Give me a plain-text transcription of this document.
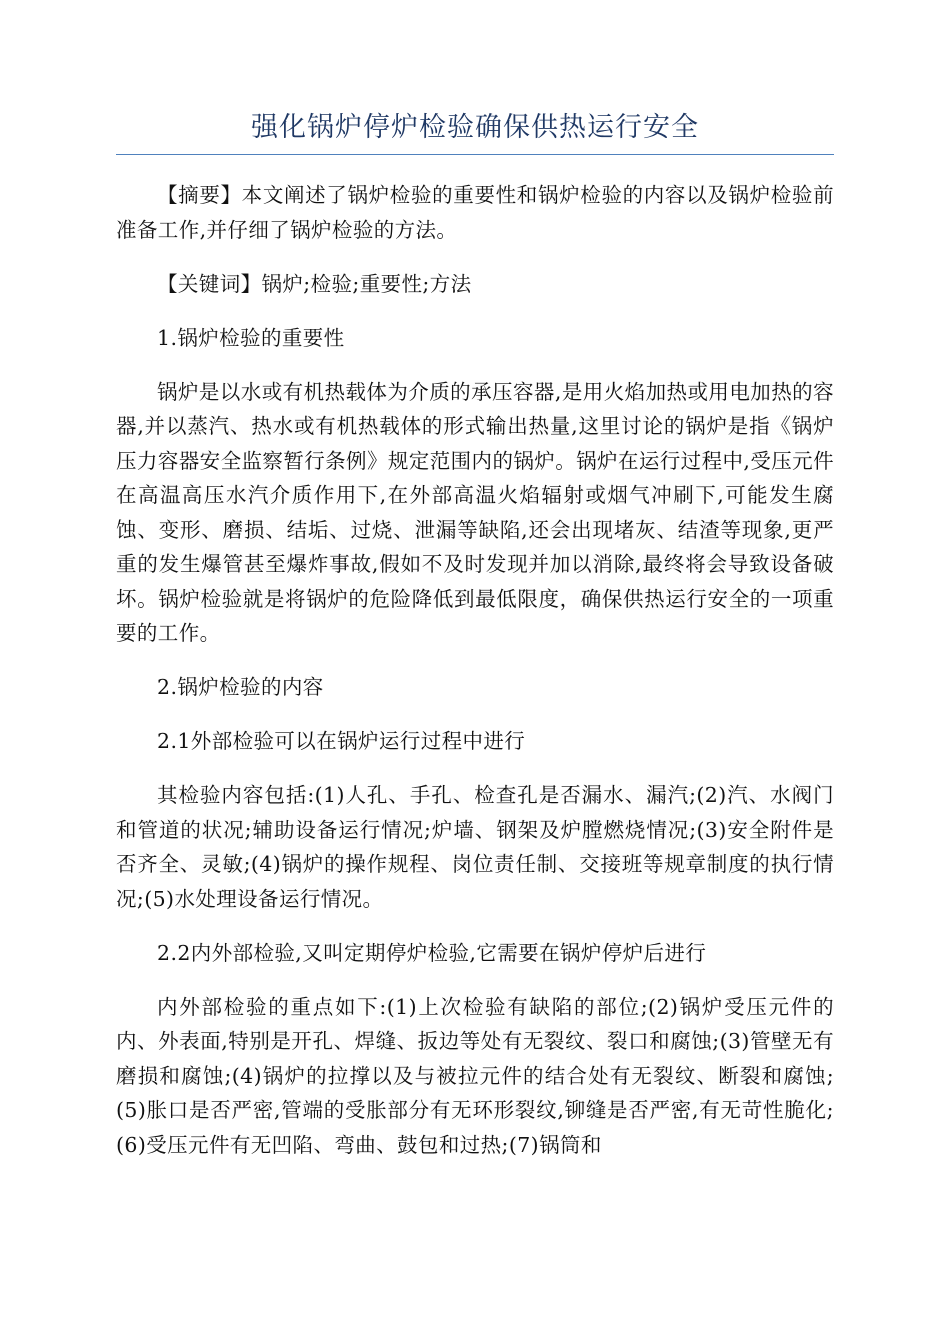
强化锅炉停炉检验确保供热运行安全

【摘要】本文阐述了锅炉检验的重要性和锅炉检验的内容以及锅炉检验前准备工作,并仔细了锅炉检验的方法。

【关键词】锅炉;检验;重要性;方法

1.锅炉检验的重要性

锅炉是以水或有机热载体为介质的承压容器,是用火焰加热或用电加热的容器,并以蒸汽、热水或有机热载体的形式输出热量,这里讨论的锅炉是指《锅炉压力容器安全监察暂行条例》规定范围内的锅炉。锅炉在运行过程中,受压元件在高温高压水汽介质作用下,在外部高温火焰辐射或烟气冲刷下,可能发生腐蚀、变形、磨损、结垢、过烧、泄漏等缺陷,还会出现堵灰、结渣等现象,更严重的发生爆管甚至爆炸事故,假如不及时发现并加以消除,最终将会导致设备破坏。锅炉检验就是将锅炉的危险降低到最低限度，确保供热运行安全的一项重要的工作。

2.锅炉检验的内容

2.1外部检验可以在锅炉运行过程中进行

其检验内容包括:(1)人孔、手孔、检查孔是否漏水、漏汽;(2)汽、水阀门和管道的状况;辅助设备运行情况;炉墙、钢架及炉膛燃烧情况;(3)安全附件是否齐全、灵敏;(4)锅炉的操作规程、岗位责任制、交接班等规章制度的执行情况;(5)水处理设备运行情况。

2.2内外部检验,又叫定期停炉检验,它需要在锅炉停炉后进行

内外部检验的重点如下:(1)上次检验有缺陷的部位;(2)锅炉受压元件的内、外表面,特别是开孔、焊缝、扳边等处有无裂纹、裂口和腐蚀;(3)管壁无有磨损和腐蚀;(4)锅炉的拉撑以及与被拉元件的结合处有无裂纹、断裂和腐蚀;(5)胀口是否严密,管端的受胀部分有无环形裂纹,铆缝是否严密,有无苛性脆化;(6)受压元件有无凹陷、弯曲、鼓包和过热;(7)锅筒和
